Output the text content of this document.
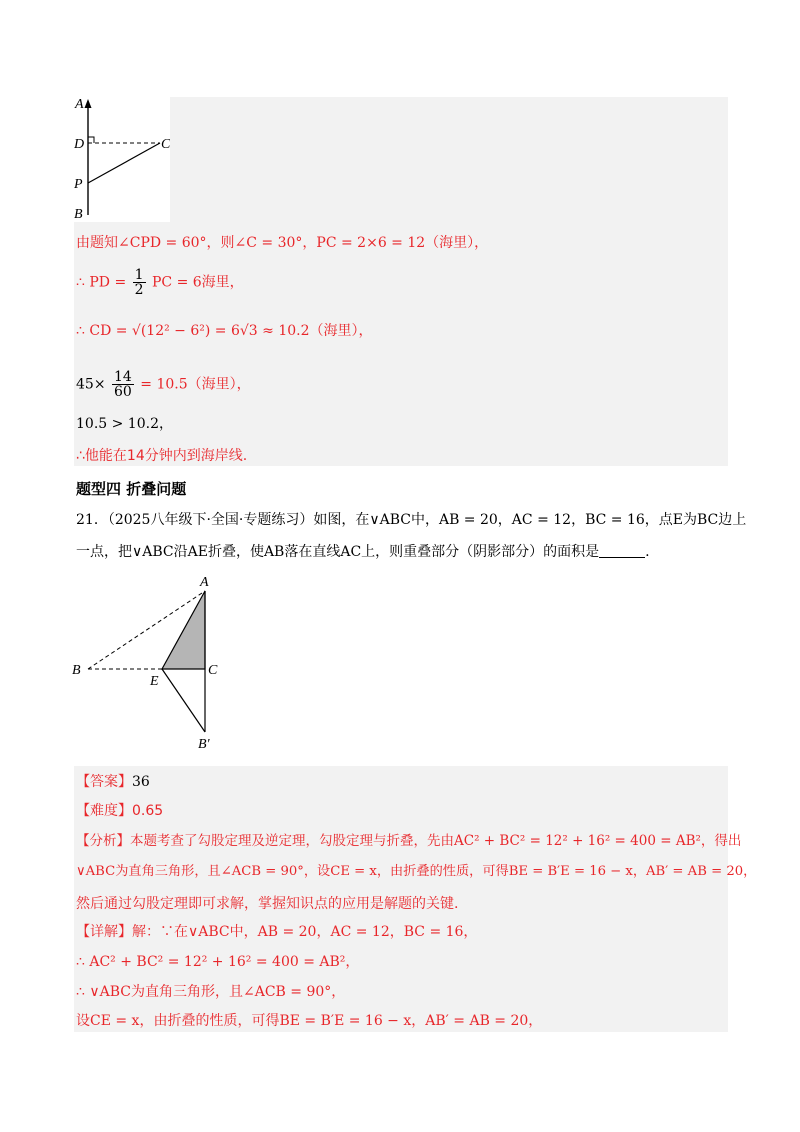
A
D	C
P
B
由题知∠CPD = 60°，则∠C = 30°，PC = 2×6 = 12（海里），
∴ PD = $\frac{1}{2}$ PC = 6海里，
∴ CD = √(12² − 6²) = 6√3 ≈ 10.2（海里），
$45\times \frac{14}{60} = 10.5$（海里），
10.5 > 10.2，
∴他能在14分钟内到海岸线.
题型四 折叠问题
21．（2025八年级下·全国·专题练习）如图，在∨ABC中，AB = 20，AC = 12，BC = 16，点E为BC边上
一点，把∨ABC沿AE折叠，使AB落在直线AC上，则重叠部分（阴影部分）的面积是	.
A
B
E
C
B′
【答案】36
【难度】0.65
【分析】本题考查了勾股定理及逆定理，勾股定理与折叠，先由AC² + BC² = 12² + 16² = 400 = AB²，得出
∨ABC为直角三角形，且∠ACB = 90°，设CE = x，由折叠的性质，可得BE = B′E = 16 − x，AB′ = AB = 20，
然后通过勾股定理即可求解，掌握知识点的应用是解题的关键.
【详解】解：∵在∨ABC中，AB = 20，AC = 12，BC = 16，
∴ AC² + BC² = 12² + 16² = 400 = AB²，
∴ ∨ABC为直角三角形，且∠ACB = 90°，
设CE = x，由折叠的性质，可得BE = B′E = 16 − x，AB′ = AB = 20，
